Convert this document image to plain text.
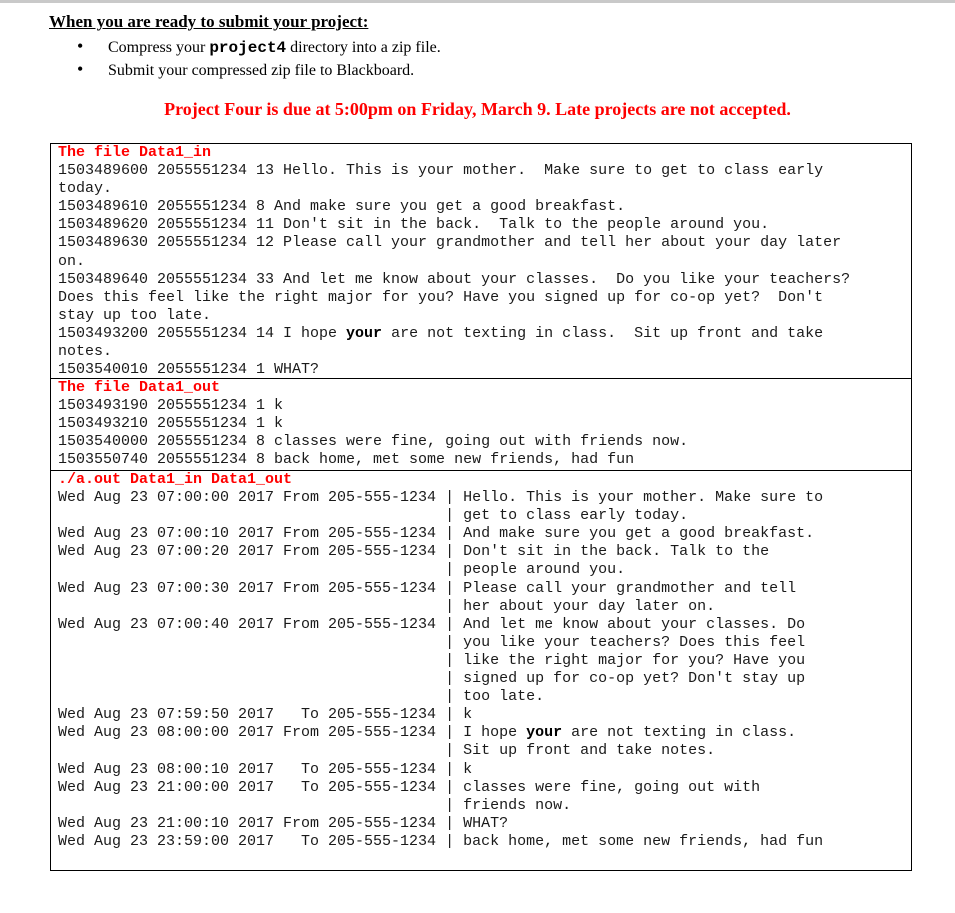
When you are ready to submit your project:
• Compress your project4 directory into a zip file.
• Submit your compressed zip file to Blackboard.
Project Four is due at 5:00pm on Friday, March 9. Late projects are not accepted.
The file Data1_in
1503489600 2055551234 13 Hello. This is your mother.  Make sure to get to class early
today.
1503489610 2055551234 8 And make sure you get a good breakfast.
1503489620 2055551234 11 Don't sit in the back.  Talk to the people around you.
1503489630 2055551234 12 Please call your grandmother and tell her about your day later
on.
1503489640 2055551234 33 And let me know about your classes.  Do you like your teachers?
Does this feel like the right major for you? Have you signed up for co-op yet?  Don't
stay up too late.
1503493200 2055551234 14 I hope your are not texting in class.  Sit up front and take
notes.
1503540010 2055551234 1 WHAT?
The file Data1_out
1503493190 2055551234 1 k
1503493210 2055551234 1 k
1503540000 2055551234 8 classes were fine, going out with friends now.
1503550740 2055551234 8 back home, met some new friends, had fun
./a.out Data1_in Data1_out
Wed Aug 23 07:00:00 2017 From 205-555-1234 | Hello. This is your mother. Make sure to
| get to class early today.
Wed Aug 23 07:00:10 2017 From 205-555-1234 | And make sure you get a good breakfast.
Wed Aug 23 07:00:20 2017 From 205-555-1234 | Don't sit in the back. Talk to the
| people around you.
Wed Aug 23 07:00:30 2017 From 205-555-1234 | Please call your grandmother and tell
| her about your day later on.
Wed Aug 23 07:00:40 2017 From 205-555-1234 | And let me know about your classes. Do
| you like your teachers? Does this feel
| like the right major for you? Have you
| signed up for co-op yet? Don't stay up
| too late.
Wed Aug 23 07:59:50 2017   To 205-555-1234 | k
Wed Aug 23 08:00:00 2017 From 205-555-1234 | I hope your are not texting in class.
| Sit up front and take notes.
Wed Aug 23 08:00:10 2017   To 205-555-1234 | k
Wed Aug 23 21:00:00 2017   To 205-555-1234 | classes were fine, going out with
| friends now.
Wed Aug 23 21:00:10 2017 From 205-555-1234 | WHAT?
Wed Aug 23 23:59:00 2017   To 205-555-1234 | back home, met some new friends, had fun
